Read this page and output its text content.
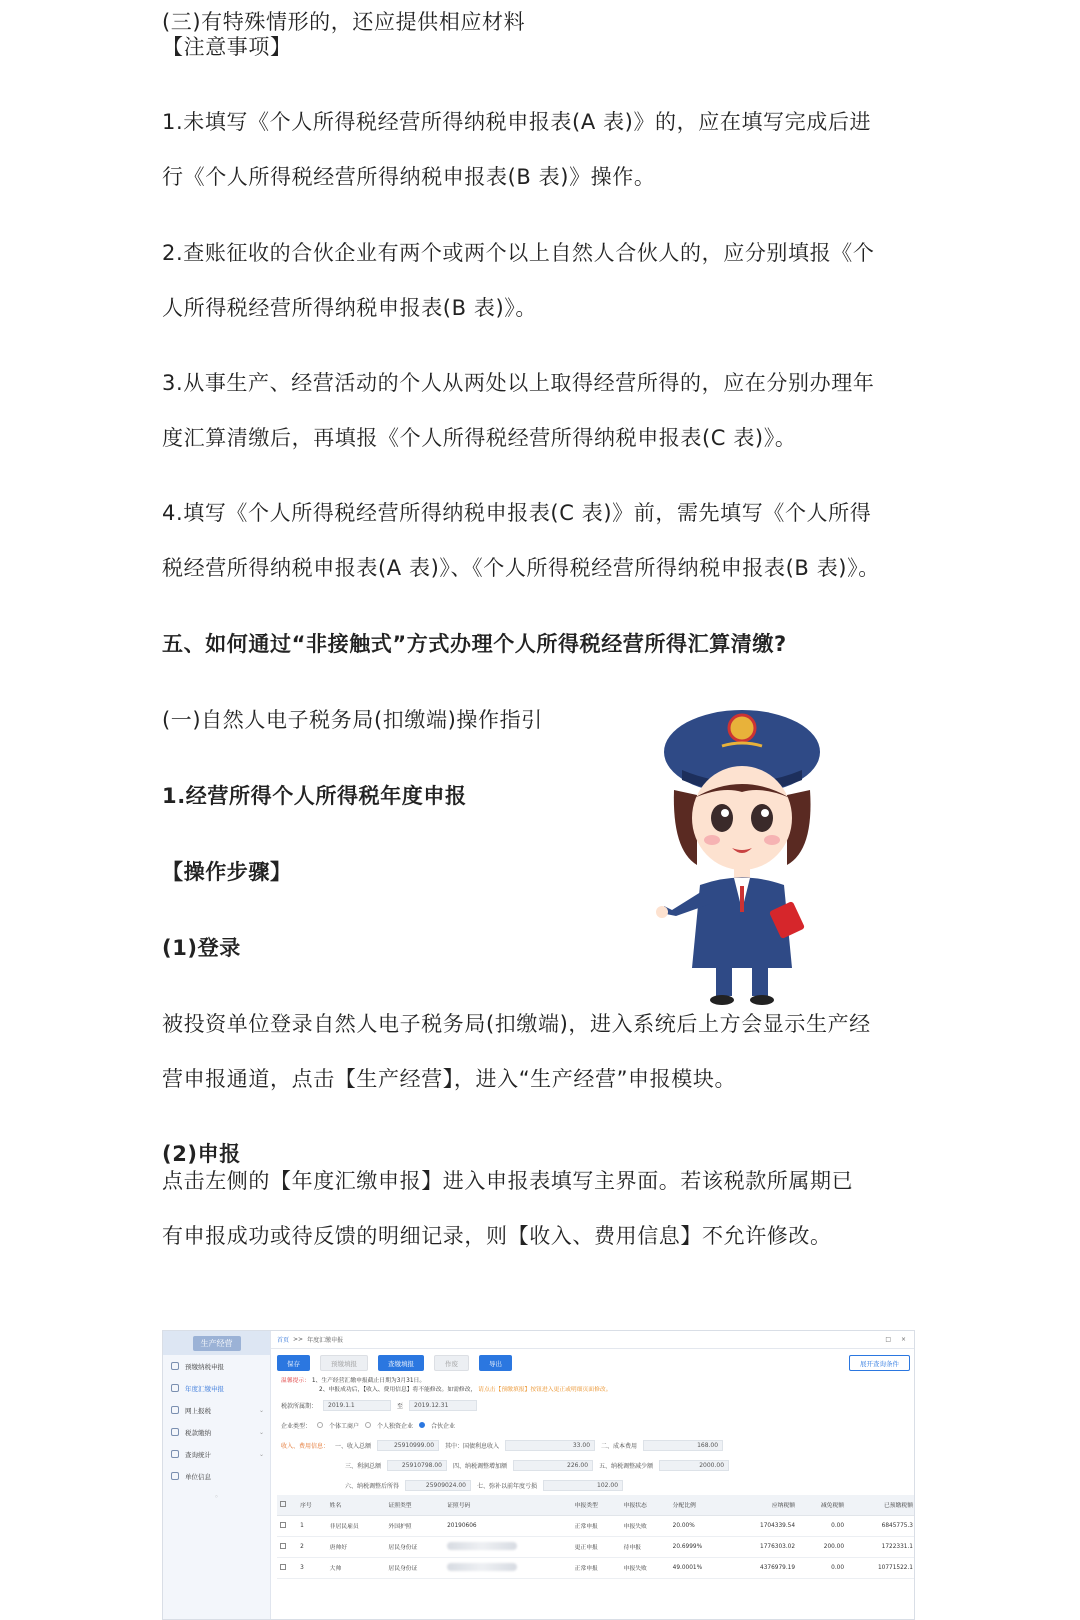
(三)有特殊情形的，还应提供相应材料
【注意事项】
1.未填写《个人所得税经营所得纳税申报表(A 表)》的，应在填写完成后进
行《个人所得税经营所得纳税申报表(B 表)》操作。
2.查账征收的合伙企业有两个或两个以上自然人合伙人的，应分别填报《个
人所得税经营所得纳税申报表(B 表)》。
3.从事生产、经营活动的个人从两处以上取得经营所得的，应在分别办理年
度汇算清缴后，再填报《个人所得税经营所得纳税申报表(C 表)》。
4.填写《个人所得税经营所得纳税申报表(C 表)》前，需先填写《个人所得
税经营所得纳税申报表(A 表)》、《个人所得税经营所得纳税申报表(B 表)》。
五、如何通过“非接触式”方式办理个人所得税经营所得汇算清缴?
(一)自然人电子税务局(扣缴端)操作指引
1.经营所得个人所得税年度申报
【操作步骤】
(1)登录
被投资单位登录自然人电子税务局(扣缴端)，进入系统后上方会显示生产经
营申报通道，点击【生产经营】，进入“生产经营”申报模块。
(2)申报
点击左侧的【年度汇缴申报】进入申报表填写主界面。若该税款所属期已
有申报成功或待反馈的明细记录，则【收入、费用信息】不允许修改。
生产经营
预缴纳税申报
年度汇缴申报
网上报税	⌄
税款缴纳	⌄
查询统计	⌄
单位信息
◦
首页 >> 年度汇缴申报	□ ×
保存	预缴填报	查缴填报	作废	导出	展开查询条件
温馨提示： 1、生产经营汇缴申报截止日期为3月31日。
2、申报成功后，【收入、费用信息】将不能修改。如需修改， 请点击【预缴填报】按钮进入更正或明细页面修改。
税款所属期：	2019.1.1	至	2019.12.31
企业类型：	个体工商户	个人独资企业	合伙企业
收入、费用信息： 一、收入总额	25910999.00	其中：国债利息收入	33.00	二、成本费用	168.00
三、利润总额	25910798.00	四、纳税调整增加额	226.00	五、纳税调整减少额	2000.00
六、纳税调整后所得	25909024.00	七、弥补以前年度亏损	102.00
	序号	姓名	证照类型	证照号码	申报类型	申报状态	分配比例	应纳税额	减免税额	已预缴税额
	1	非居民雇员	外国护照	20190606	正常申报	申报失败	20.00%	1704339.54	0.00	6845775.3
	2	唐帅好	居民身份证		更正申报	待申报	20.6999%	1776303.02	200.00	1722331.1
	3	大帅	居民身份证		正常申报	申报失败	49.0001%	4376979.19	0.00	10771522.1
